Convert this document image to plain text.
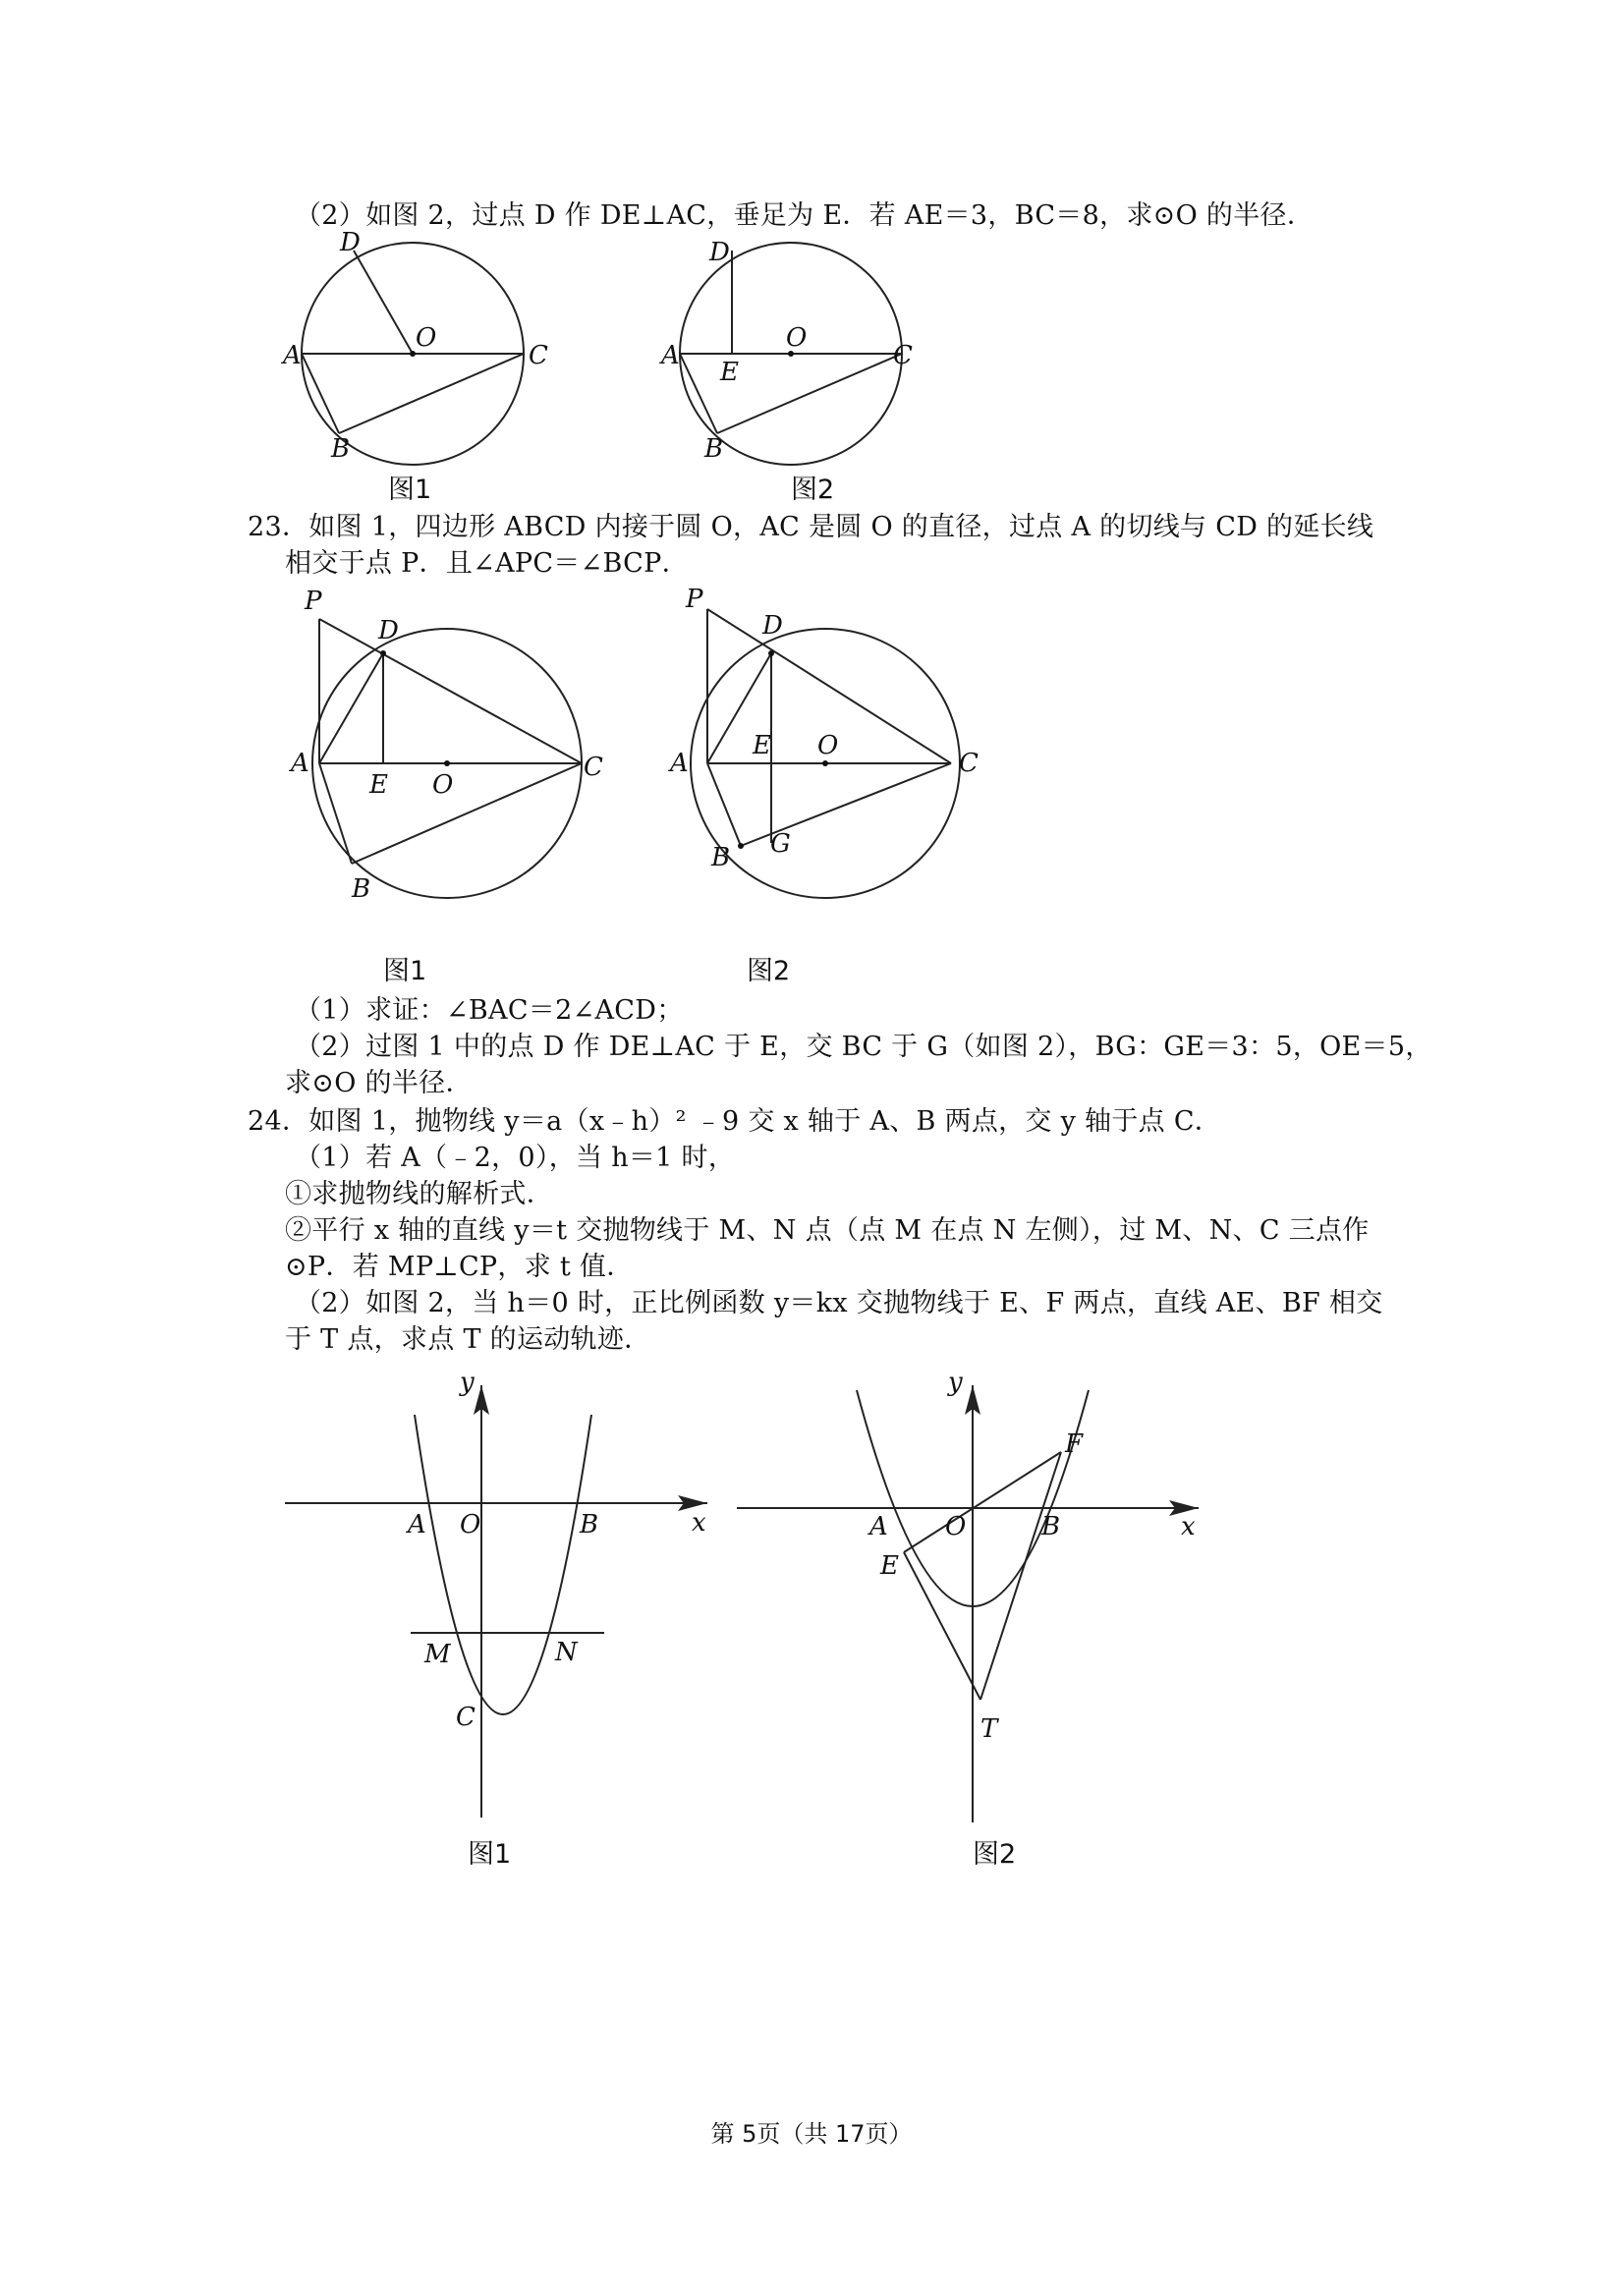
（2）如图 2，过点 D 作 DE⊥AC，垂足为 E．若 AE＝3，BC＝8，求⊙O 的半径．
D
O
A	C
B
图1
D
O
A
E
C
B
图2
23．如图 1，四边形 ABCD 内接于圆 O，AC 是圆 O 的直径，过点 A 的切线与 CD 的延长线
相交于点 P．且∠APC＝∠BCP．
P
D
A
E O
C
B
图1
P
D
A
E O
C
B G
图2
（1）求证：∠BAC＝2∠ACD；
（2）过图 1 中的点 D 作 DE⊥AC 于 E，交 BC 于 G（如图 2），BG：GE＝3：5，OE＝5，
求⊙O 的半径．
24．如图 1，抛物线 y＝a（x﹣h）² ﹣9 交 x 轴于 A、B 两点，交 y 轴于点 C．
（1）若 A（﹣2，0），当 h＝1 时，
①求抛物线的解析式．
②平行 x 轴的直线 y＝t 交抛物线于 M、N 点（点 M 在点 N 左侧），过 M、N、C 三点作
⊙P．若 MP⊥CP，求 t 值．
（2）如图 2，当 h＝0 时，正比例函数 y＝kx 交抛物线于 E、F 两点，直线 AE、BF 相交
于 T 点，求点 T 的运动轨迹．
y
x
A O	B
M	N
C
图1
y
x
A O	B
E
F
T
图2
第 5页（共 17页）
